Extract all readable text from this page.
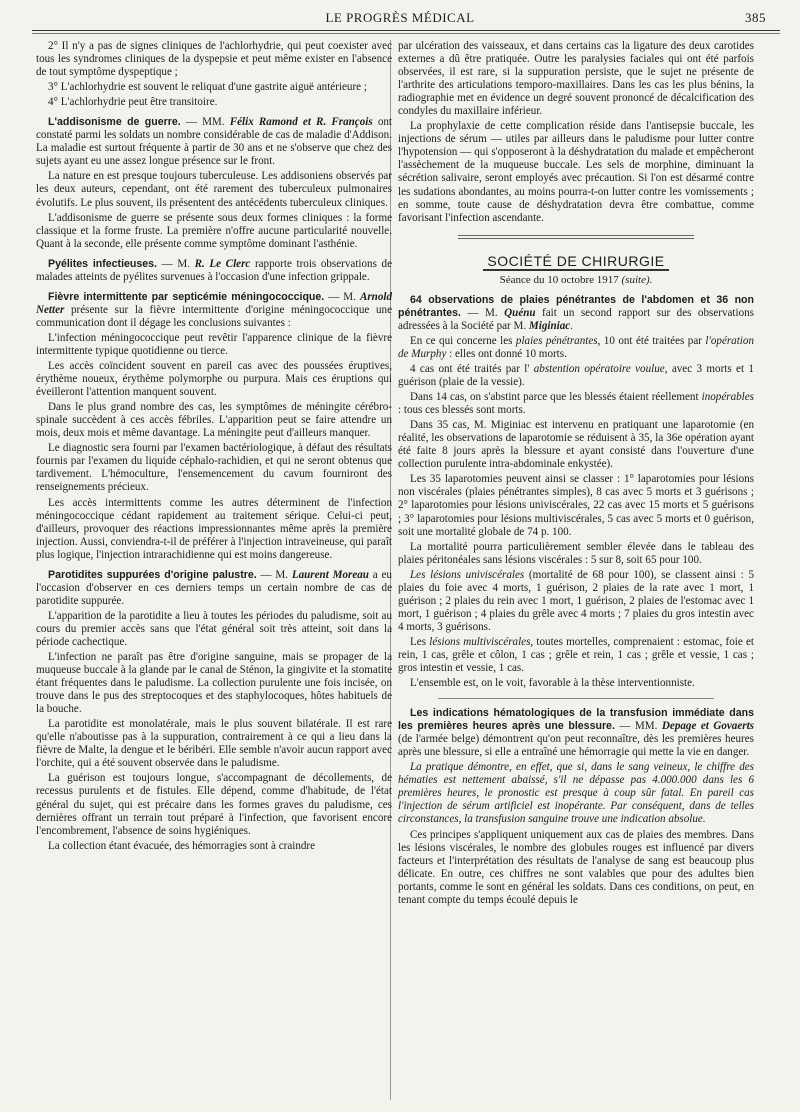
LE PROGRÈS MÉDICAL	385

2° Il n'y a pas de signes cliniques de l'achlorhydrie, qui peut coexister avec tous les syndromes cliniques de la dyspepsie et peut même exister en l'absence de tout symptôme dyspeptique ;

3° L'achlorhydrie est souvent le reliquat d'une gastrite aiguë antérieure ;

4° L'achlorhydrie peut être transitoire.

L'addisonisme de guerre. — MM. Félix Ramond et R. François ont constaté parmi les soldats un nombre considérable de cas de maladie d'Addison. La maladie est surtout fréquente à partir de 30 ans et ne s'observe que chez des sujets ayant eu une assez longue présence sur le front.

La nature en est presque toujours tuberculeuse. Les addisoniens observés par les deux auteurs, cependant, ont été rarement des tuberculeux pulmonaires évolutifs. Le plus souvent, ils présentent des antécédents tuberculeux cliniques.

L'addisonisme de guerre se présente sous deux formes cliniques : la forme classique et la forme fruste. La première n'offre aucune particularité nouvelle. Quant à la seconde, elle présente comme symptôme dominant l'asthénie.

Pyélites infectieuses. — M. R. Le Clerc rapporte trois observations de malades atteints de pyélites survenues à l'occasion d'une infection grippale.

Fièvre intermittente par septicémie méningococcique. — M. Arnold Netter présente sur la fièvre intermittente d'origine méningococcique une communication dont il dégage les conclusions suivantes :

L'infection méningococcique peut revêtir l'apparence clinique de la fièvre intermittente typique quotidienne ou tierce.

Les accès coïncident souvent en pareil cas avec des poussées éruptives, érythème noueux, érythème polymorphe ou purpura. Mais ces éruptions qui éveilleront l'attention manquent souvent.

Dans le plus grand nombre des cas, les symptômes de méningite cérébro-spinale succèdent à ces accès fébriles. L'apparition peut se faire attendre un mois, deux mois et même davantage. La méningite peut d'ailleurs manquer.

Le diagnostic sera fourni par l'examen bactériologique, à défaut des résultats fournis par l'examen du liquide céphalo-rachidien, et qui ne seront obtenus que tardivement. L'hémoculture, l'ensemencement du cavum fourniront des renseignements précieux.

Les accès intermittents comme les autres déterminent de l'infection méningococcique cédant rapidement au traitement sérique. Celui-ci peut, d'ailleurs, provoquer des réactions impressionnantes même après la première injection. Aussi, conviendra-t-il de préférer à l'injection intraveineuse, qui paraît plus logique, l'injection intrarachidienne qui est moins dangereuse.

Parotidites suppurées d'origine palustre. — M. Laurent Moreau a eu l'occasion d'observer en ces derniers temps un certain nombre de cas de parotidite suppurée.

L'apparition de la parotidite a lieu à toutes les périodes du paludisme, soit au cours du premier accès sans que l'état général soit très atteint, soit dans la période cachectique.

L'infection ne paraît pas être d'origine sanguine, mais se propager de la muqueuse buccale à la glande par le canal de Sténon, la gingivite et la stomatite étant fréquentes dans le paludisme. La collection purulente une fois incisée, on trouve dans le pus des streptocoques et des staphylocoques, hôtes habituels de la bouche.

La parotidite est monolatérale, mais le plus souvent bilatérale. Il est rare qu'elle n'aboutisse pas à la suppuration, contrairement à ce qui a lieu dans la fièvre de Malte, la dengue et le béribéri. Elle semble n'avoir aucun rapport avec l'orchite, qui a été souvent observée dans le paludisme.

La guérison est toujours longue, s'accompagnant de décollements, de recessus purulents et de fistules. Elle dépend, comme d'habitude, de l'état général du sujet, qui est précaire dans les formes graves du paludisme, ces dernières offrant un terrain tout préparé à l'infection, que favorisent encore l'encombrement, l'absence de soins hygiéniques.

La collection étant évacuée, des hémorragies sont à craindre

par ulcération des vaisseaux, et dans certains cas la ligature des deux carotides externes a dû être pratiquée. Outre les paralysies faciales qui ont été parfois observées, il est rare, si la suppuration persiste, que le sujet ne présente de l'arthrite des articulations temporo-maxillaires. Dans les cas les plus bénins, la radiographie met en évidence un degré souvent prononcé de décalcification des condyles du maxillaire inférieur.

La prophylaxie de cette complication réside dans l'antisepsie buccale, les injections de sérum — utiles par ailleurs dans le paludisme pour lutter contre l'hypotension — qui s'opposeront à la déshydratation du malade et empêcheront l'assèchement de la muqueuse buccale. Les sels de morphine, diminuant la sécrétion salivaire, seront employés avec précaution. Si l'on est désarmé contre les sudations abondantes, au moins pourra-t-on lutter contre les vomissements ; en somme, toute cause de déshydratation devra être combattue, comme favorisant l'infection ascendante.

SOCIÉTÉ DE CHIRURGIE
Séance du 10 octobre 1917 (suite).

64 observations de plaies pénétrantes de l'abdomen et 36 non pénétrantes. — M. Quénu fait un second rapport sur des observations adressées à la Société par M. Miginiac.

En ce qui concerne les plaies pénétrantes, 10 ont été traitées par l'opération de Murphy : elles ont donné 10 morts.

4 cas ont été traités par l' abstention opératoire voulue, avec 3 morts et 1 guérison (plaie de la vessie).

Dans 14 cas, on s'abstint parce que les blessés étaient réellement inopérables : tous ces blessés sont morts.

Dans 35 cas, M. Miginiac est intervenu en pratiquant une laparotomie (en réalité, les observations de laparotomie se réduisent à 35, la 36e opération ayant été faite 8 jours après la blessure et ayant consisté dans l'ouverture d'une collection purulente intra-abdominale enkystée).

Les 35 laparotomies peuvent ainsi se classer : 1° laparotomies pour lésions non viscérales (plaies pénétrantes simples), 8 cas avec 5 morts et 3 guérisons ; 2° laparotomies pour lésions univiscérales, 22 cas avec 15 morts et 5 guérisons ; 3° laparotomies pour lésions multiviscérales, 5 cas avec 5 morts et 0 guérison, soit une mortalité globale de 74 p. 100.

La mortalité pourra particulièrement sembler élevée dans le tableau des plaies péritonéales sans lésions viscérales : 5 sur 8, soit 65 pour 100.

Les lésions univiscérales (mortalité de 68 pour 100), se classent ainsi : 5 plaies du foie avec 4 morts, 1 guérison, 2 plaies de la rate avec 1 mort, 1 guérison ; 2 plaies du rein avec 1 mort, 1 guérison, 2 plaies de l'estomac avec 1 mort, 1 guérison ; 4 plaies du grêle avec 4 morts ; 7 plaies du gros intestin avec 4 morts, 3 guérisons.

Les lésions multiviscérales, toutes mortelles, comprenaient : estomac, foie et rein, 1 cas, grêle et côlon, 1 cas ; grêle et rein, 1 cas ; grêle et vessie, 1 cas ; gros intestin et vessie, 1 cas.

L'ensemble est, on le voit, favorable à la thèse interventionniste.

Les indications hématologiques de la transfusion immédiate dans les premières heures après une blessure. — MM. Depage et Govaerts (de l'armée belge) démontrent qu'on peut reconnaître, dès les premières heures après une blessure, si elle a entraîné une hémorragie qui mette la vie en danger.

La pratique démontre, en effet, que si, dans le sang veineux, le chiffre des hématies est nettement abaissé, s'il ne dépasse pas 4.000.000 dans les 6 premières heures, le pronostic est presque à coup sûr fatal. En pareil cas l'injection de sérum artificiel est inopérante. Par conséquent, dans de telles circonstances, la transfusion sanguine trouve une indication absolue.

Ces principes s'appliquent uniquement aux cas de plaies des membres. Dans les lésions viscérales, le nombre des globules rouges est influencé par divers facteurs et l'interprétation des résultats de l'analyse de sang est beaucoup plus délicate. En outre, ces chiffres ne sont valables que pour des adultes bien portants, comme le sont en général les soldats. Dans ces conditions, on peut, en tenant compte du temps écoulé depuis le
